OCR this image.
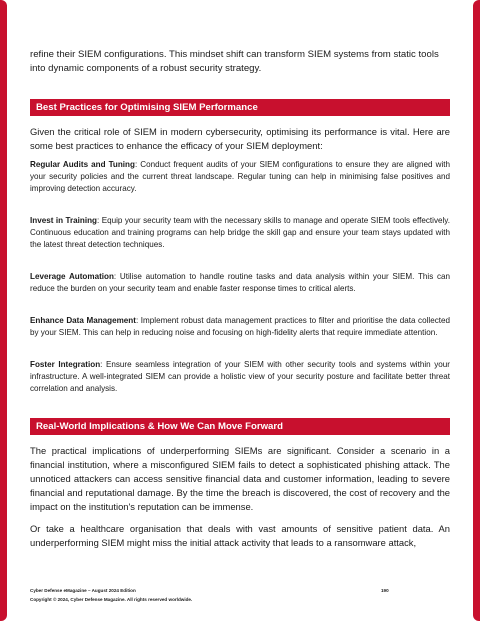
refine their SIEM configurations. This mindset shift can transform SIEM systems from static tools into dynamic components of a robust security strategy.

Best Practices for Optimising SIEM Performance

Given the critical role of SIEM in modern cybersecurity, optimising its performance is vital. Here are some best practices to enhance the efficacy of your SIEM deployment:

Regular Audits and Tuning: Conduct frequent audits of your SIEM configurations to ensure they are aligned with your security policies and the current threat landscape. Regular tuning can help in minimising false positives and improving detection accuracy.

Invest in Training: Equip your security team with the necessary skills to manage and operate SIEM tools effectively. Continuous education and training programs can help bridge the skill gap and ensure your team stays updated with the latest threat detection techniques.

Leverage Automation: Utilise automation to handle routine tasks and data analysis within your SIEM. This can reduce the burden on your security team and enable faster response times to critical alerts.

Enhance Data Management: Implement robust data management practices to filter and prioritise the data collected by your SIEM. This can help in reducing noise and focusing on high-fidelity alerts that require immediate attention.

Foster Integration: Ensure seamless integration of your SIEM with other security tools and systems within your infrastructure. A well-integrated SIEM can provide a holistic view of your security posture and facilitate better threat correlation and analysis.

Real-World Implications & How We Can Move Forward

The practical implications of underperforming SIEMs are significant. Consider a scenario in a financial institution, where a misconfigured SIEM fails to detect a sophisticated phishing attack. The unnoticed attackers can access sensitive financial data and customer information, leading to severe financial and reputational damage. By the time the breach is discovered, the cost of recovery and the impact on the institution's reputation can be immense.

Or take a healthcare organisation that deals with vast amounts of sensitive patient data. An underperforming SIEM might miss the initial attack activity that leads to a ransomware attack,

Cyber Defense eMagazine – August 2024 Edition	190
Copyright © 2024, Cyber Defense Magazine. All rights reserved worldwide.
